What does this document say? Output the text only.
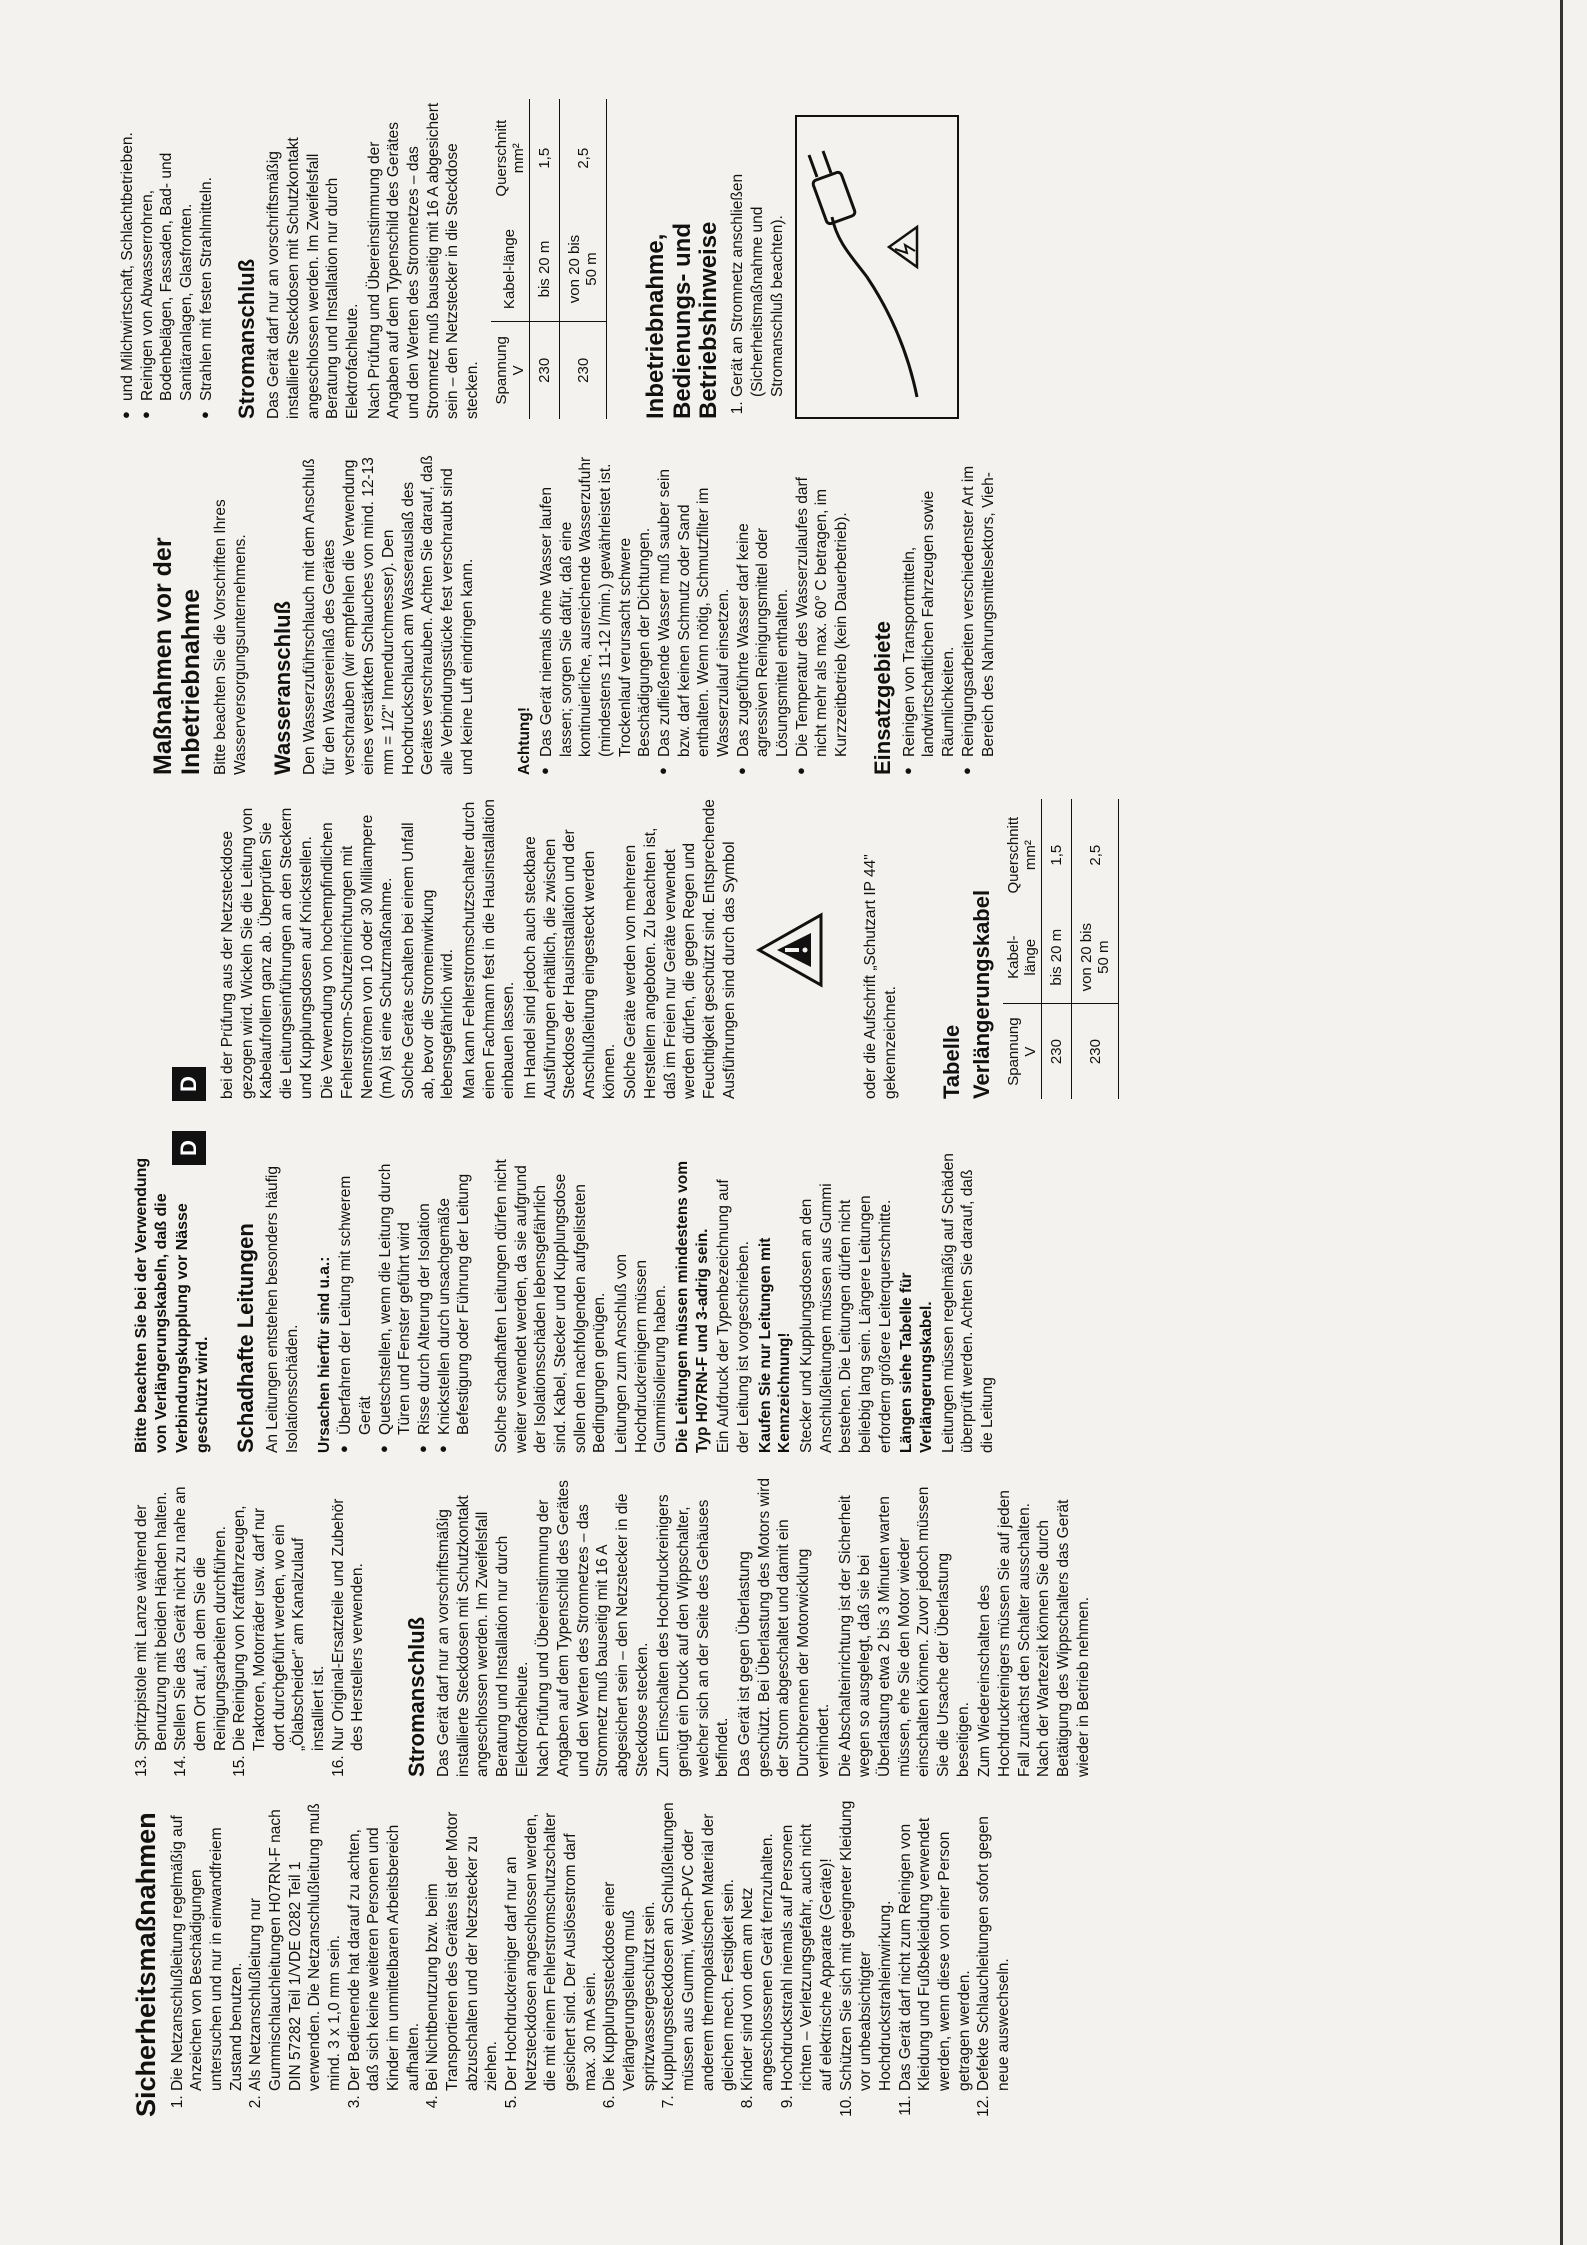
D
Sicherheitsmaßnahmen 1. Die Netzanschlußleitung regelmäßig auf Anzeichen von Beschädigungen untersuchen und nur in einwandfreiem Zustand benutzen. 2. Als Netzanschlußleitung nur Gummischlauchleitungen H07RN-F nach DIN 57282 Teil 1/VDE 0282 Teil 1 verwenden. Die Netzanschlußleitung muß mind. 3 x 1,0 mm sein. 3. Der Bedienende hat darauf zu achten, daß sich keine weiteren Personen und Kinder im unmittelbaren Arbeitsbereich aufhalten. 4. Bei Nichtbenutzung bzw. beim Transportieren des Gerätes ist der Motor abzuschalten und der Netzstecker zu ziehen. 5. Der Hochdruckreiniger darf nur an Netzsteckdosen angeschlossen werden, die mit einem Fehlerstromschutzschalter gesichert sind. Der Auslösestrom darf max. 30 mA sein. 6. Die Kupplungssteckdose einer Verlängerungsleitung muß spritzwassergeschützt sein. 7. Kupplungssteckdosen an Schlußleitungen müssen aus Gummi, Weich-PVC oder anderem thermoplastischen Material der gleichen mech. Festigkeit sein. 8. Kinder sind von dem am Netz angeschlossenen Gerät fernzuhalten. 9. Hochdruckstrahl niemals auf Personen richten – Verletzungsgefahr, auch nicht auf elektrische Apparate (Geräte)! 10. Schützen Sie sich mit geeigneter Kleidung vor unbeabsichtigter Hochdruckstrahleinwirkung. 11. Das Gerät darf nicht zum Reinigen von Kleidung und Fußbekleidung verwendet werden, wenn diese von einer Person getragen werden. 12. Defekte Schlauchleitungen sofort gegen neue auswechseln.
13. Spritzpistole mit Lanze während der Benutzung mit beiden Händen halten. 14. Stellen Sie das Gerät nicht zu nahe an dem Ort auf, an dem Sie die Reinigungsarbeiten durchführen. 15. Die Reinigung von Kraftfahrzeugen, Traktoren, Motorräder usw. darf nur dort durchgeführt werden, wo ein „Ölabscheider" am Kanalzulauf installiert ist. 16. Nur Original-Ersatzteile und Zubehör des Herstellers verwenden. Stromanschluß Das Gerät darf nur an vorschriftsmäßig installierte Steckdosen mit Schutzkontakt angeschlossen werden. Im Zweifelsfall Beratung und Installation nur durch Elektrofachleute. Nach Prüfung und Übereinstimmung der Angaben auf dem Typenschild des Gerätes und den Werten des Stromnetzes – das Stromnetz muß bauseitig mit 16 A abgesichert sein – den Netzstecker in die Steckdose stecken. Zum Einschalten des Hochdruckreinigers genügt ein Druck auf den Wippschalter, welcher sich an der Seite des Gehäuses befindet. Das Gerät ist gegen Überlastung geschützt. Bei Überlastung des Motors wird der Strom abgeschaltet und damit ein Durchbrennen der Motorwicklung verhindert. Die Abschalteinrichtung ist der Sicherheit wegen so ausgelegt, daß sie bei Überlastung etwa 2 bis 3 Minuten warten müssen, ehe Sie den Motor wieder einschalten können. Zuvor jedoch müssen Sie die Ursache der Überlastung beseitigen. Zum Wiedereinschalten des Hochdruckreinigers müssen Sie auf jeden Fall zunächst den Schalter ausschalten. Nach der Wartezeit können Sie durch Betätigung des Wippschalters das Gerät wieder in Betrieb nehmen.

Bitte beachten Sie bei der Verwendung von Verlängerungskabeln, daß die Verbindungskupplung vor Nässe geschützt wird. Schadhafte Leitungen An Leitungen entstehen besonders häufig Isolationsschäden. Ursachen hierfür sind u.a.: ● Überfahren der Leitung mit schwerem Gerät ● Quetschstellen, wenn die Leitung durch Türen und Fenster geführt wird ● Risse durch Alterung der Isolation ● Knickstellen durch unsachgemäße Befestigung oder Führung der Leitung Solche schadhaften Leitungen dürfen nicht weiter verwendet werden, da sie aufgrund der Isolationsschäden lebensgefährlich sind. Kabel, Stecker und Kupplungsdose sollen den nachfolgenden aufgelisteten Bedingungen genügen. Leitungen zum Anschluß von Hochdruckreinigern müssen Gummiisolierung haben. Die Leitungen müssen mindestens vom Typ H07RN-F und 3-adrig sein. Ein Aufdruck der Typenbezeichnung auf der Leitung ist vorgeschrieben. Kaufen Sie nur Leitungen mit Kennzeichnung! Stecker und Kupplungsdosen an den Anschlußleitungen müssen aus Gummi bestehen. Die Leitungen dürfen nicht beliebig lang sein. Längere Leitungen erfordern größere Leiterquerschnitte. Längen siehe Tabelle für Verlängerungskabel. Leitungen müssen regelmäßig auf Schäden überprüft werden. Achten Sie darauf, daß die Leitung

D	bei der Prüfung aus der Netzsteckdose gezogen wird. Wickeln Sie die Leitung von Kabelaufrollern ganz ab. Überprüfen Sie die Leitungseinführungen an den Steckern und Kupplungsdosen auf Knickstellen. Die Verwendung von hochempfindlichen Fehlerstrom-Schutzeinrichtungen mit Nennströmen von 10 oder 30 Milliampere (mA) ist eine Schutzmaßnahme. Solche Geräte schalten bei einem Unfall ab, bevor die Stromeinwirkung lebensgefährlich wird. Man kann Fehlerstromschutzschalter durch einen Fachmann fest in die Hausinstallation einbauen lassen. Im Handel sind jedoch auch steckbare Ausführungen erhältlich, die zwischen Steckdose der Hausinstallation und der Anschlußleitung eingesteckt werden können. Solche Geräte werden von mehreren Herstellern angeboten. Zu beachten ist, daß im Freien nur Geräte verwendet werden dürfen, die gegen Regen und Feuchtigkeit geschützt sind. Entsprechende Ausführungen sind durch das Symbol	oder die Aufschrift „Schutzart IP 44" gekennzeichnet. Tabelle Verlängerungskabel Spannung V	Kabel-länge	Querschnitt mm²
230	bis 20 m	1,5
230	von 20 bis 50 m	2,5
Maßnahmen vor der Inbetriebnahme Bitte beachten Sie die Vorschriften Ihres Wasserversorgungsunternehmens. Wasseranschluß Den Wasserzuführschlauch mit dem Anschluß für den Wassereinlaß des Gerätes verschrauben (wir empfehlen die Verwendung eines verstärkten Schlauches von mind. 12-13 mm = 1/2" Innendurchmesser). Den Hochdruckschlauch am Wasserauslaß des Gerätes verschrauben. Achten Sie darauf, daß alle Verbindungsstücke fest verschraubt sind und keine Luft eindringen kann.	Achtung! ● Das Gerät niemals ohne Wasser laufen lassen; sorgen Sie dafür, daß eine kontinuierliche, ausreichende Wasserzufuhr (mindestens 11-12 l/min.) gewährleistet ist. Trockenlauf verursacht schwere Beschädigungen der Dichtungen. ● Das zufließende Wasser muß sauber sein bzw. darf keinen Schmutz oder Sand enthalten. Wenn nötig, Schmutzfilter im Wasserzulauf einsetzen. ● Das zugeführte Wasser darf keine agressiven Reinigungsmittel oder Lösungsmittel enthalten. ● Die Temperatur des Wasserzulaufes darf nicht mehr als max. 60° C betragen, im Kurzzeitbetrieb (kein Dauerbetrieb). Einsatzgebiete ● Reinigen von Transportmitteln, landwirtschaftlichen Fahrzeugen sowie Räumlichkeiten. ● Reinigungsarbeiten verschiedenster Art im Bereich des Nahrungsmittelsektors, Vieh-
● und Milchwirtschaft, Schlachtbetrieben. ● Reinigen von Abwasserrohren, Bodenbelägen, Fassaden, Bad- und Sanitäranlagen, Glasfronten. ● Strahlen mit festen Strahlmitteln. Stromanschluß Das Gerät darf nur an vorschriftsmäßig installierte Steckdosen mit Schutzkontakt angeschlossen werden. Im Zweifelsfall Beratung und Installation nur durch Elektrofachleute. Nach Prüfung und Übereinstimmung der Angaben auf dem Typenschild des Gerätes und den Werten des Stromnetzes – das Stromnetz muß bauseitig mit 16 A abgesichert sein – den Netzstecker in die Steckdose stecken. Spannung V	Kabel-länge	Querschnitt mm²
230	bis 20 m	1,5
230	von 20 bis 50 m	2,5
Inbetriebnahme, Bedienungs- und Betriebshinweise 1. Gerät an Stromnetz anschließen (Sicherheitsmaßnahme und Stromanschluß beachten).
